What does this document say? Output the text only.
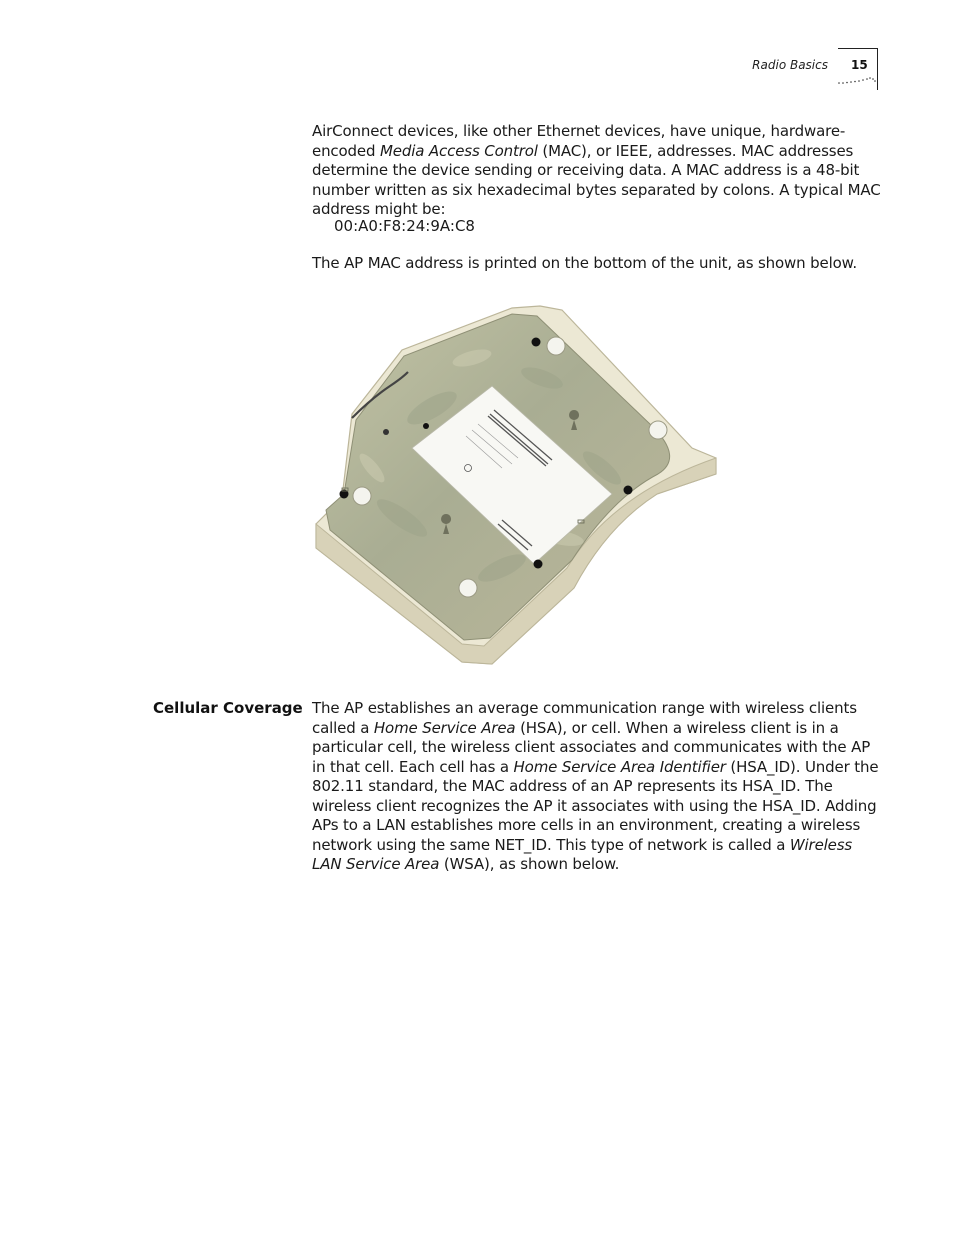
Radio Basics 15

AirConnect devices, like other Ethernet devices, have unique, hardware-encoded Media Access Control (MAC), or IEEE, addresses. MAC addresses determine the device sending or receiving data. A MAC address is a 48-bit number written as six hexadecimal bytes separated by colons. A typical MAC address might be:

00:A0:F8:24:9A:C8

The AP MAC address is printed on the bottom of the unit, as shown below.

Cellular Coverage The AP establishes an average communication range with wireless clients called a Home Service Area (HSA), or cell. When a wireless client is in a particular cell, the wireless client associates and communicates with the AP in that cell. Each cell has a Home Service Area Identifier (HSA_ID). Under the 802.11 standard, the MAC address of an AP represents its HSA_ID. The wireless client recognizes the AP it associates with using the HSA_ID. Adding APs to a LAN establishes more cells in an environment, creating a wireless network using the same NET_ID. This type of network is called a Wireless LAN Service Area (WSA), as shown below.
